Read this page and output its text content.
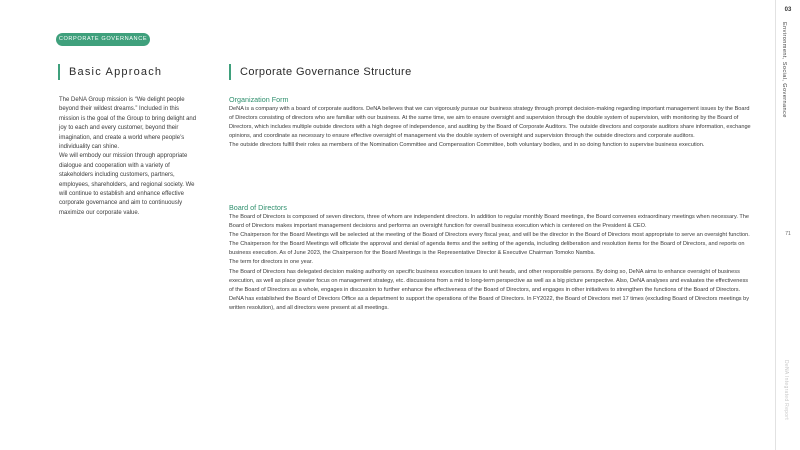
CORPORATE GOVERNANCE
Basic Approach

The DeNA Group mission is “We delight people beyond their wildest dreams.” Included in this mission is the goal of the Group to bring delight and joy to each and every customer, beyond their imagination, and create a world where people’s individuality can shine.

We will embody our mission through appropriate dialogue and cooperation with a variety of stakeholders including customers, partners, employees, shareholders, and regional society. We will continue to establish and enhance effective corporate governance and aim to continuously maximize our corporate value.

Corporate Governance Structure
Organization Form

DeNA is a company with a board of corporate auditors. DeNA believes that we can vigorously pursue our business strategy through prompt decision-making regarding important management issues by the Board of Directors consisting of directors who are familiar with our business. At the same time, we aim to ensure oversight and supervision through the double system of supervision, with monitoring by the Board of Directors, which includes multiple outside directors with a high degree of independence, and auditing by the Board of Corporate Auditors. The outside directors and corporate auditors share information, exchange opinions, and coordinate as necessary to ensure effective oversight of management via the double system of oversight and supervision through the outside directors and corporate auditors.

The outside directors fulfill their roles as members of the Nomination Committee and Compensation Committee, both voluntary bodies, and in so doing function to supervise business execution.

Board of Directors

The Board of Directors is composed of seven directors, three of whom are independent directors. In addition to regular monthly Board meetings, the Board convenes extraordinary meetings when necessary. The Board of Directors makes important management decisions and performs an oversight function for overall business execution which is centered on the President & CEO.

The Chairperson for the Board Meetings will be selected at the meeting of the Board of Directors every fiscal year, and will be the director in the Board of Directors most appropriate to serve an oversight function. The Chairperson for the Board Meetings will officiate the approval and denial of agenda items and the setting of the agenda, including deliberation and resolution items for the Board of Directors, and reports on business execution. As of June 2023, the Chairperson for the Board Meetings is the Representative Director & Executive Chairman Tomoko Namba.

The term for directors in one year.

The Board of Directors has delegated decision making authority on specific business execution issues to unit heads, and other responsible persons. By doing so, DeNA aims to enhance oversight of business execution, as well as place greater focus on management strategy, etc. discussions from a mid to long-term perspective as well as a big picture perspective. Also, DeNA analyses and evaluates the effectiveness of the Board of Directors as a whole, engages in discussion to further enhance the effectiveness of the Board of Directors, and engages in other initiatives to strengthen the functions of the Board of Directors.

DeNA has established the Board of Directors Office as a department to support the operations of the Board of Directors. In FY2022, the Board of Directors met 17 times (excluding Board of Directors meetings by written resolution), and all directors were present at all meetings.

03
Environment, Social, Governance
71
DeNA Integrated Report
